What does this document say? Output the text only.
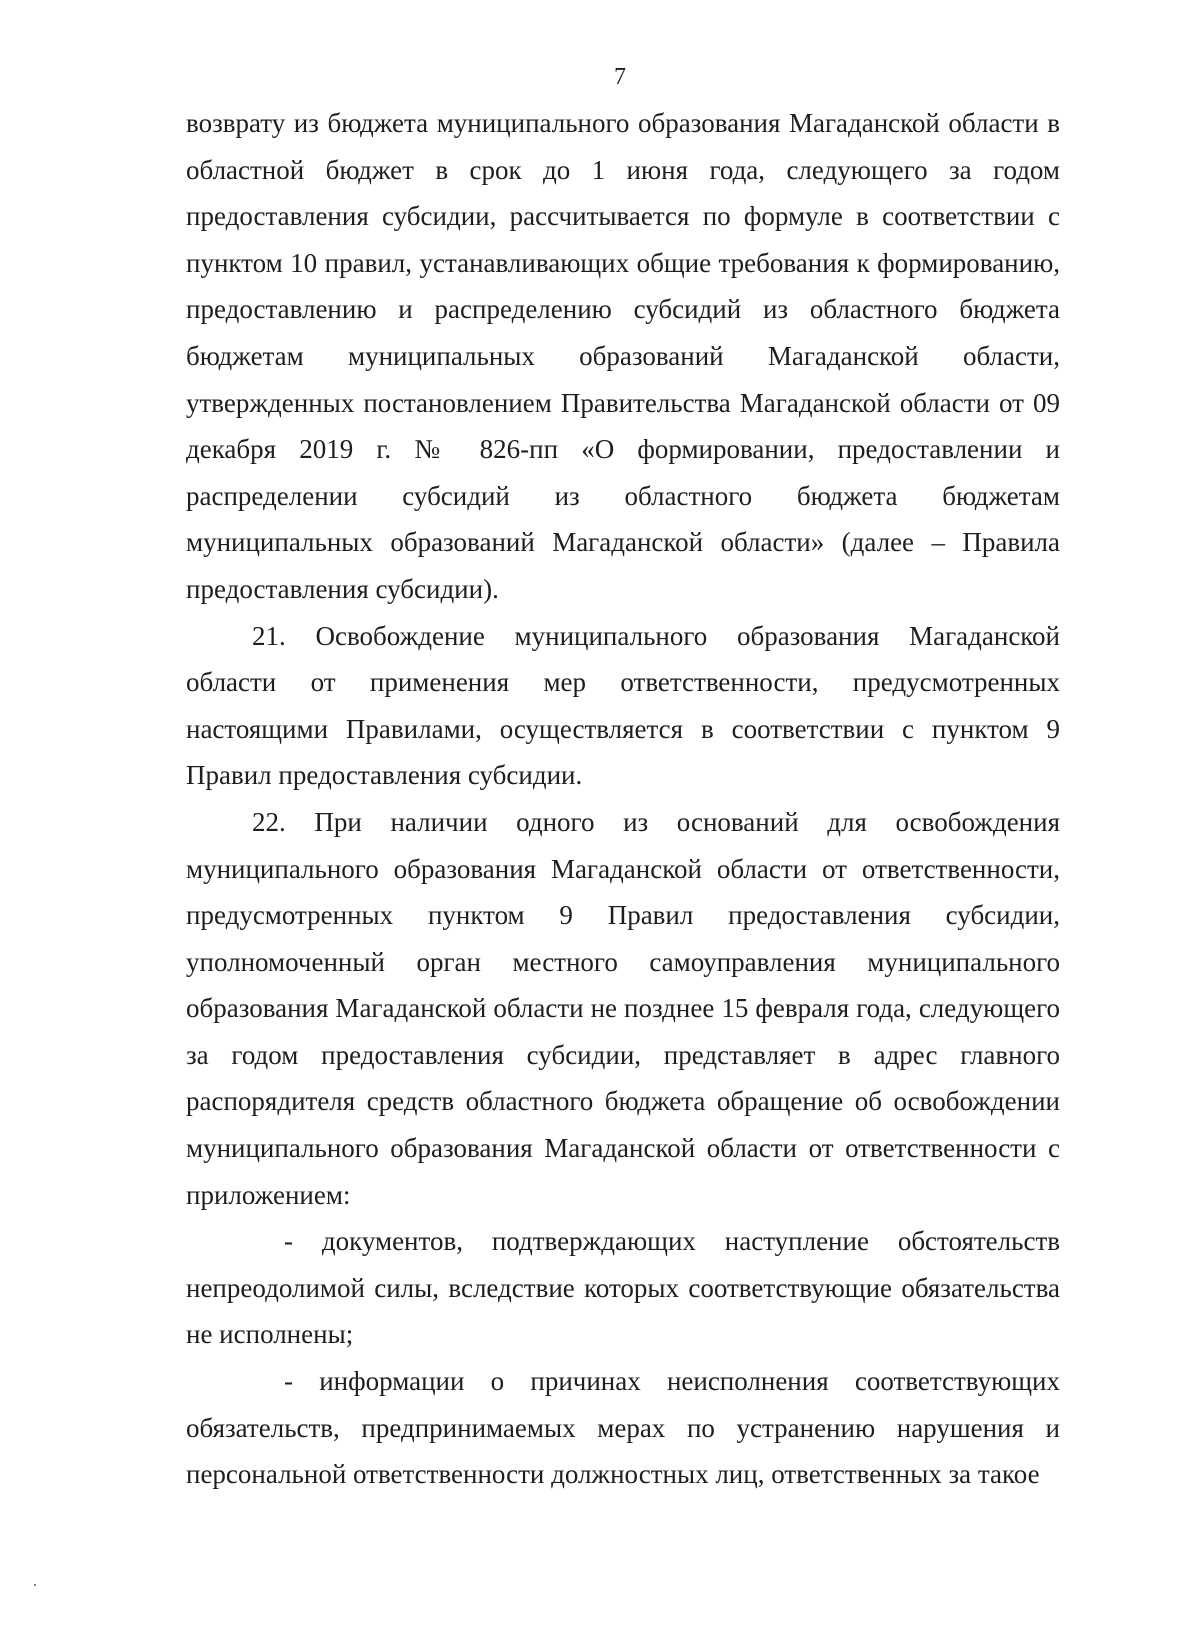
7

возврату из бюджета муниципального образования Магаданской области в областной бюджет в срок до 1 июня года, следующего за годом предоставления субсидии, рассчитывается по формуле в соответствии с пунктом 10 правил, устанавливающих общие требования к формированию, предоставлению и распределению субсидий из областного бюджета бюджетам муниципальных образований Магаданской области, утвержденных постановлением Правительства Магаданской области от 09 декабря 2019 г. № 826-пп «О формировании, предоставлении и распределении субсидий из областного бюджета бюджетам муниципальных образований Магаданской области» (далее – Правила предоставления субсидии).

21. Освобождение муниципального образования Магаданской области от применения мер ответственности, предусмотренных настоящими Правилами, осуществляется в соответствии с пунктом 9 Правил предоставления субсидии.

22. При наличии одного из оснований для освобождения муниципального образования Магаданской области от ответственности, предусмотренных пунктом 9 Правил предоставления субсидии, уполномоченный орган местного самоуправления муниципального образования Магаданской области не позднее 15 февраля года, следующего за годом предоставления субсидии, представляет в адрес главного распорядителя средств областного бюджета обращение об освобождении муниципального образования Магаданской области от ответственности с приложением:

- документов, подтверждающих наступление обстоятельств непреодолимой силы, вследствие которых соответствующие обязательства не исполнены;

- информации о причинах неисполнения соответствующих обязательств, предпринимаемых мерах по устранению нарушения и персональной ответственности должностных лиц, ответственных за такое
